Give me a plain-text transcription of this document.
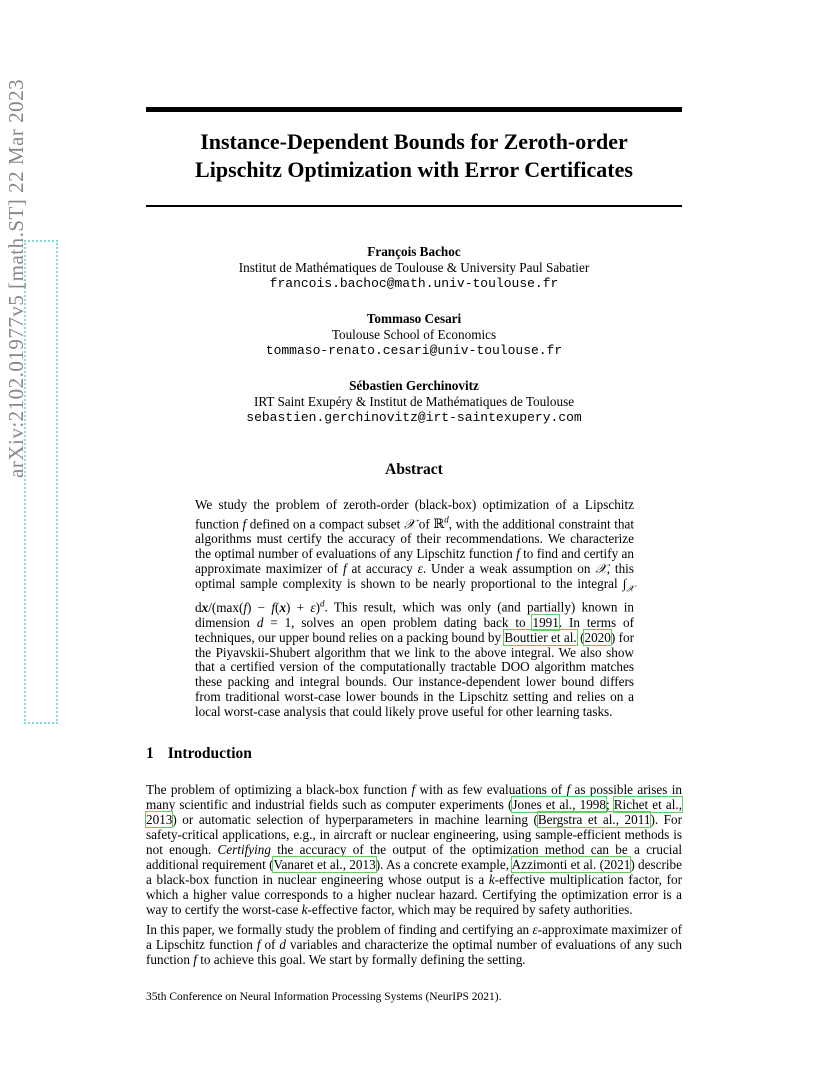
arXiv:2102.01977v5 [math.ST] 22 Mar 2023	Instance-Dependent Bounds for Zeroth-order
Lipschitz Optimization with Error Certificates
François Bachoc
Institut de Mathématiques de Toulouse & University Paul Sabatier
francois.bachoc@math.univ-toulouse.fr
Tommaso Cesari
Toulouse School of Economics
tommaso-renato.cesari@univ-toulouse.fr
Sébastien Gerchinovitz
IRT Saint Exupéry & Institut de Mathématiques de Toulouse
sebastien.gerchinovitz@irt-saintexupery.com
Abstract
We study the problem of zeroth-order (black-box) optimization of a Lipschitz function f defined on a compact subset 𝒳 of ℝ$^d$, with the additional constraint that algorithms must certify the accuracy of their recommendations. We characterize the optimal number of evaluations of any Lipschitz function f to find and certify an approximate maximizer of f at accuracy ε. Under a weak assumption on 𝒳, this optimal sample complexity is shown to be nearly proportional to the integral $\int_𝒳$ $dx/(\max(f) - f(x) + \varepsilon)^d$. This result, which was only (and partially) known in dimension d = 1, solves an open problem dating back to 1991. In terms of techniques, our upper bound relies on a packing bound by Bouttier et al. (2020) for the Piyavskii-Shubert algorithm that we link to the above integral. We also show that a certified version of the computationally tractable DOO algorithm matches these packing and integral bounds. Our instance-dependent lower bound differs from traditional worst-case lower bounds in the Lipschitz setting and relies on a local worst-case analysis that could likely prove useful for other learning tasks.
1 Introduction
The problem of optimizing a black-box function f with as few evaluations of f as possible arises in many scientific and industrial fields such as computer experiments (Jones et al., 1998; Richet et al., 2013) or automatic selection of hyperparameters in machine learning (Bergstra et al., 2011). For safety-critical applications, e.g., in aircraft or nuclear engineering, using sample-efficient methods is not enough. Certifying the accuracy of the output of the optimization method can be a crucial additional requirement (Vanaret et al., 2013). As a concrete example, Azzimonti et al. (2021) describe a black-box function in nuclear engineering whose output is a k-effective multiplication factor, for which a higher value corresponds to a higher nuclear hazard. Certifying the optimization error is a way to certify the worst-case k-effective factor, which may be required by safety authorities.
In this paper, we formally study the problem of finding and certifying an ε-approximate maximizer of a Lipschitz function f of d variables and characterize the optimal number of evaluations of any such function f to achieve this goal. We start by formally defining the setting.
35th Conference on Neural Information Processing Systems (NeurIPS 2021).
